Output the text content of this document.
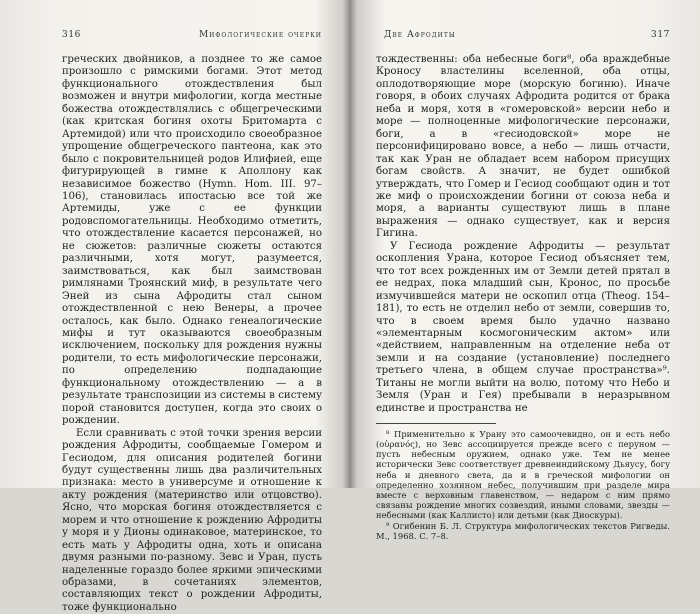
316	Мифологические очерки

греческих двойников, а позднее то же самое произошло с римскими богами. Этот метод функционального отождествления был возможен и внутри мифологии, когда местные божества отождествлялись с общегреческими (как критская богиня охоты Бритомарта с Артемидой) или что происходило своеобразное упрощение общегреческого пантеона, как это было с покровительницей родов Илифией, еще фигурирующей в гимне к Аполлону как независимое божество (Hymn. Hom. III. 97–106), становилась ипостасью все той же Артемиды, уже с ее функции родовспомогательницы. Необходимо отметить, что отождествление касается персонажей, но не сюжетов: различные сюжеты остаются различными, хотя могут, разумеется, заимствоваться, как был заимствован римлянами Троянский миф, в результате чего Эней из сына Афродиты стал сыном отождествленной с нею Венеры, а прочее осталось, как было. Однако генеалогические мифы и тут оказываются своеобразным исключением, поскольку для рождения нужны родители, то есть мифологические персонажи, по определению подпадающие функциональному отождествлению — а в результате транспозиции из системы в систему порой становится доступен, когда это своих о рождении.

Если сравнивать с этой точки зрения версии рождения Афродиты, сообщаемые Гомером и Гесиодом, для описания родителей богини будут существенны лишь два различительных признака: место в универсуме и отношение к акту рождения (материнство или отцовство). Ясно, что морская богиня отождествляется с морем и что отношение к рождению Афродиты у моря и у Дионы одинаковое, материнское, то есть мать у Афродиты одна, хоть и описана двумя разными по-разному. Зевс и Уран, пусть наделенные гораздо более яркими эпическими образами, в сочетаниях элементов, составляющих текст о рождении Афродиты, тоже функционально

Две Афродиты	317

тождественны: оба небесные боги⁸, оба враждебные Кроносу властелины вселенной, оба отцы, оплодотворяющие море (морскую богиню). Иначе говоря, в обоих случаях Афродита родится от брака неба и моря, хотя в «гомеровской» версии небо и море — полноценные мифологические персонажи, боги, а в «гесиодовской» море не персонифицировано вовсе, а небо — лишь отчасти, так как Уран не обладает всем набором присущих богам свойств. А значит, не будет ошибкой утверждать, что Гомер и Гесиод сообщают один и тот же миф о происхождении богини от союза неба и моря, а варианты существуют лишь в плане выражения — однако существует, как и версия Гигина.

У Гесиода рождение Афродиты — результат оскопления Урана, которое Гесиод объясняет тем, что тот всех рожденных им от Земли детей прятал в ее недрах, пока младший сын, Кронос, по просьбе измучившейся матери не оскопил отца (Theog. 154–181), то есть не отделил небо от земли, совершив то, что в своем время было удачно названо «элементарным космогоническим актом» или «действием, направленным на отделение неба от земли и на создание (установление) последнего третьего члена, в общем случае пространства»⁹. Титаны не могли выйти на волю, потому что Небо и Земля (Уран и Гея) пребывали в неразрывном единстве и пространства не

⁸ Применительно к Урану это самоочевидно, он и есть небо (οὐρανός), но Зевс ассоциируется прежде всего с перуном — пусть небесным оружием, однако уже. Тем не менее исторически Зевс соответствует древнеиндийскому Дьяусу, богу неба и дневного света, да и в греческой мифологии он определенно хозяином небес, получившим при разделе мира вместе с верховным главенством, — недаром с ним прямо связаны рождение многих созвездий, иными словами, звезды — небесными (как Каллисто) или детьми (как Диоскуры).

⁹ Огибенин Б. Л. Структура мифологических текстов Ригведы. М., 1968. С. 7–8.
